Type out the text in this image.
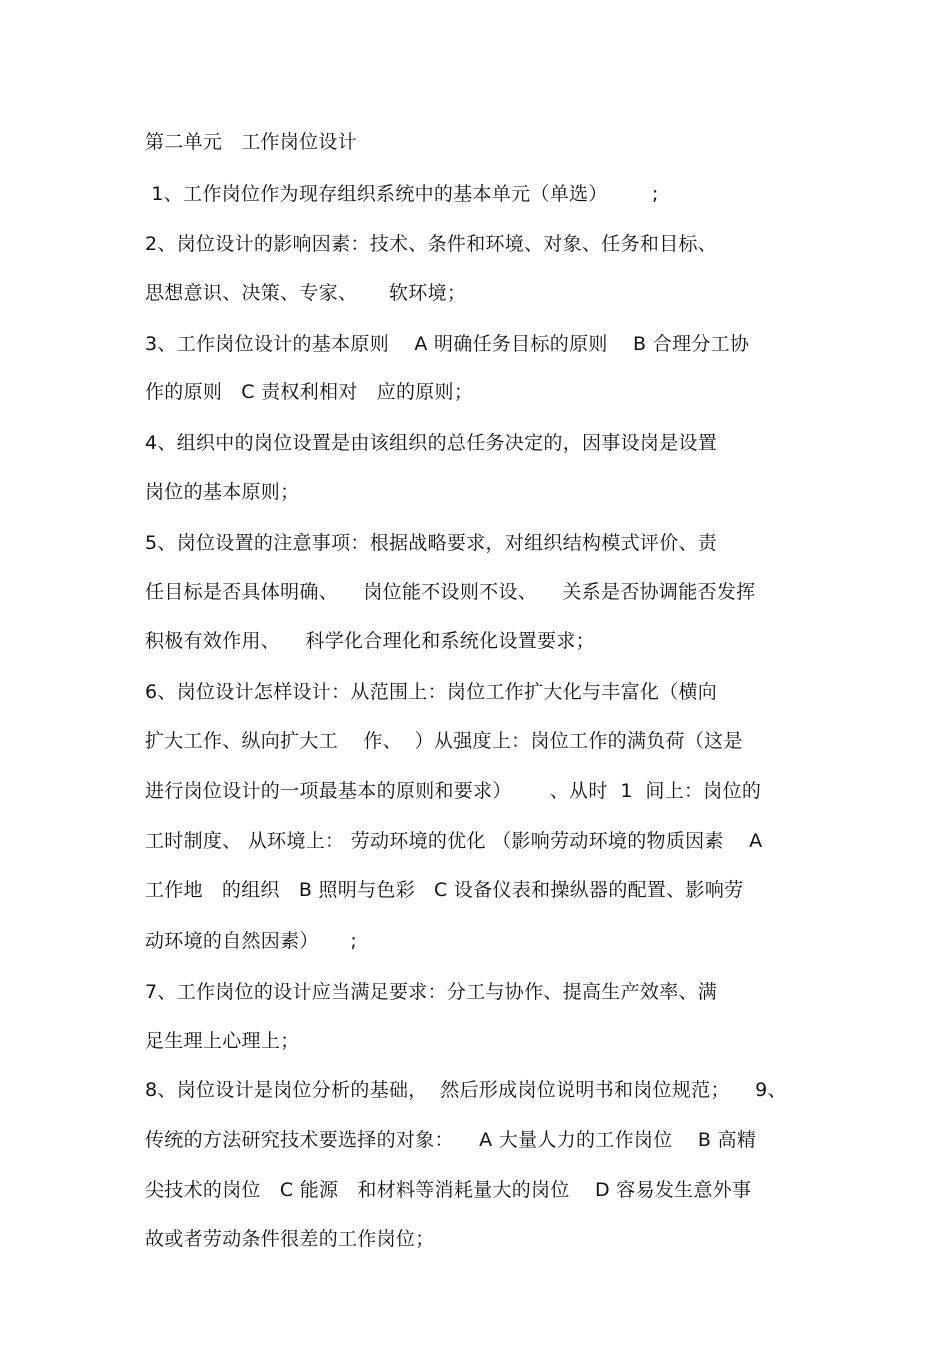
第二单元   工作岗位设计
1、工作岗位作为现存组织系统中的基本单元（单选）       ;
2、岗位设计的影响因素：技术、条件和环境、对象、任务和目标、
思想意识、决策、专家、     软环境；
3、工作岗位设计的基本原则    A 明确任务目标的原则    B 合理分工协
作的原则   C 责权利相对   应的原则；
4、组织中的岗位设置是由该组织的总任务决定的，因事设岗是设置
岗位的基本原则；
5、岗位设置的注意事项：根据战略要求，对组织结构模式评价、责
任目标是否具体明确、    岗位能不设则不设、    关系是否协调能否发挥
积极有效作用、    科学化合理化和系统化设置要求；
6、岗位设计怎样设计：从范围上：岗位工作扩大化与丰富化（横向
扩大工作、纵向扩大工    作、  ）从强度上：岗位工作的满负荷（这是
进行岗位设计的一项最基本的原则和要求）      、从时  1  间上：岗位的
工时制度、 从环境上： 劳动环境的优化 （影响劳动环境的物质因素    A
工作地   的组织   B 照明与色彩   C 设备仪表和操纵器的配置、影响劳
动环境的自然因素）     ;
7、工作岗位的设计应当满足要求：分工与协作、提高生产效率、满
足生理上心理上；
8、岗位设计是岗位分析的基础，  然后形成岗位说明书和岗位规范；    9、
传统的方法研究技术要选择的对象：    A 大量人力的工作岗位    B 高精
尖技术的岗位   C 能源   和材料等消耗量大的岗位    D 容易发生意外事
故或者劳动条件很差的工作岗位；
